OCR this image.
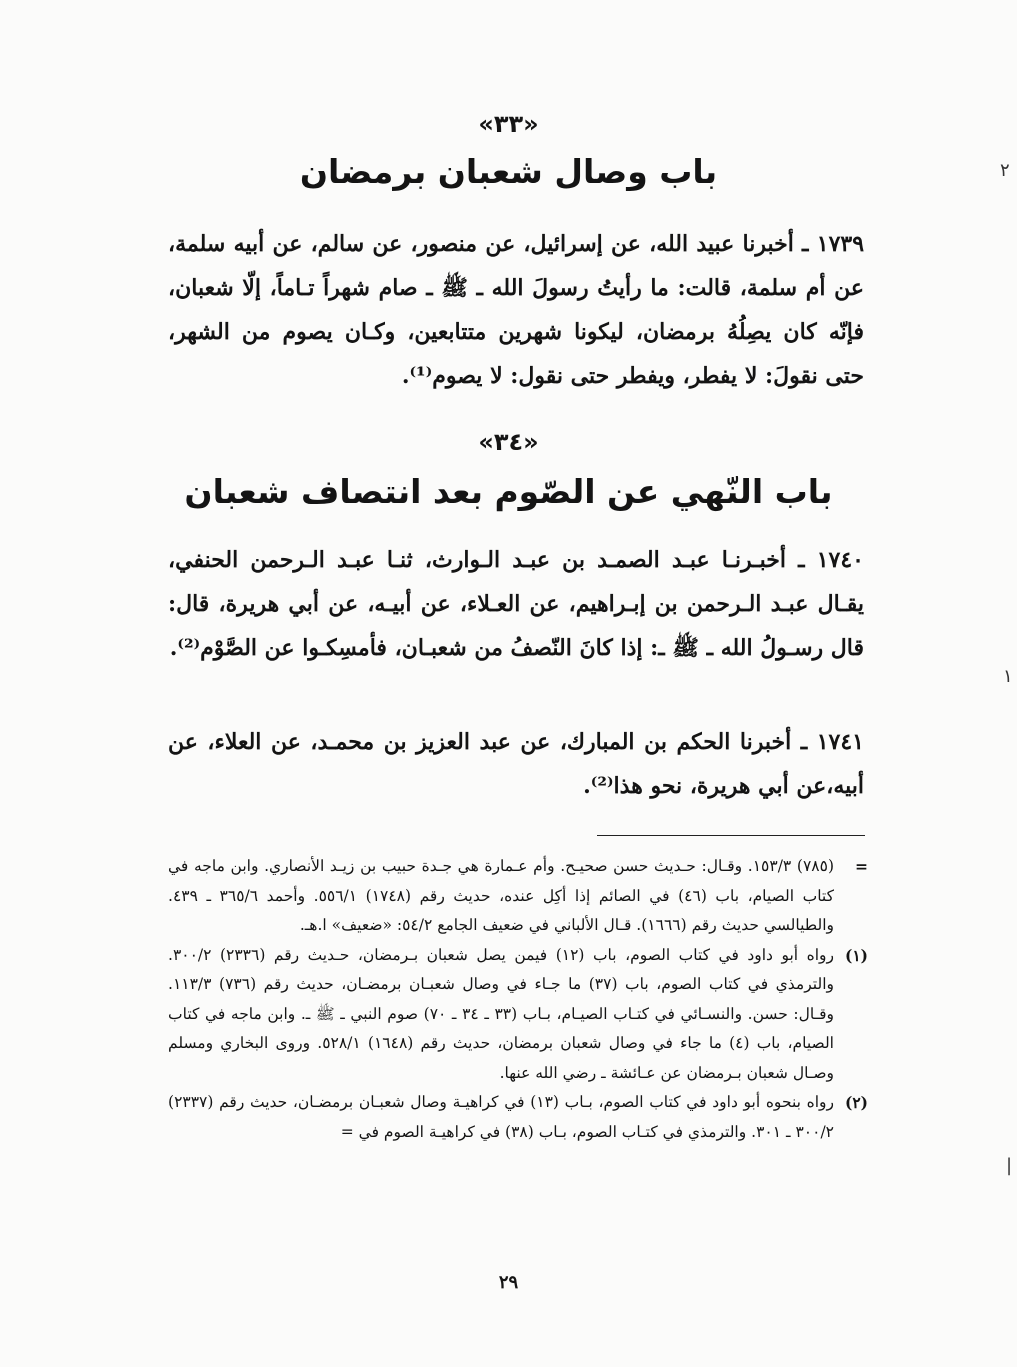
«٣٣»
باب وصال شعبان برمضان
١٧٣٩ ـ أخبرنا عبيد الله، عن إسرائيل، عن منصور، عن سالم، عن أبيه سلمة، عن أم سلمة، قالت: ما رأيتُ رسولَ الله ـ ﷺ ـ صام شهراً تـاماً، إلّا شعبان، فإنّه كان يصِلُهُ برمضان، ليكونا شهرين متتابعين، وكـان يصوم من الشهر، حتى نقولَ: لا يفطر، ويفطر حتى نقول: لا يصوم⁽¹⁾.
«٣٤»
باب النّهي عن الصّوم بعد انتصاف شعبان
١٧٤٠ ـ أخبـرنـا عبـد الصمـد بن عبـد الـوارث، ثنـا عبـد الـرحمن الحنفي، يقـال عبـد الـرحمن بن إبـراهيم، عن العـلاء، عن أبيـه، عن أبي هريرة، قال: قال رسـولُ الله ـ ﷺ ـ: إذا كانَ النّصفُ من شعبـان، فأمسِكـوا عن الصَّوْم⁽²⁾.
١٧٤١ ـ أخبرنا الحكم بن المبارك، عن عبد العزيز بن محمـد، عن العلاء، عن أبيه،عن أبي هريرة، نحو هذا⁽²⁾.
=
(٧٨٥) ١٥٣/٣. وقـال: حـديث حسن صحيـح. وأم عـمارة هي جـدة حبيب بن زيـد الأنصاري. وابن ماجه في كتاب الصيام، باب (٤٦) في الصائم إذا أكِل عنده، حديث رقم (١٧٤٨) ٥٥٦/١. وأحمد ٣٦٥/٦ ـ ٤٣٩. والطيالسي حديث رقم (١٦٦٦). قـال الألباني في ضعيف الجامع ٥٤/٢: «ضعيف» ا.هـ.
(١)
رواه أبو داود في كتاب الصوم، باب (١٢) فيمن يصل شعبان بـرمضان، حـديث رقم (٢٣٣٦) ٣٠٠/٢. والترمذي في كتاب الصوم، باب (٣٧) ما جـاء في وصال شعبـان برمضـان، حديث رقم (٧٣٦) ١١٣/٣. وقـال: حسن. والنسـائي في كتـاب الصيـام، بـاب (٣٣ ـ ٣٤ ـ ٧٠) صوم النبي ـ ﷺ ـ. وابن ماجه في كتاب الصيام، باب (٤) ما جاء في وصال شعبان برمضان، حديث رقم (١٦٤٨) ٥٢٨/١. وروى البخاري ومسلم وصـال شعبان بـرمضان عن عـائشة ـ رضي الله عنها.
(٢)
رواه بنحوه أبو داود في كتاب الصوم، بـاب (١٣) في كراهيـة وصال شعبـان برمضـان، حديث رقم (٢٣٣٧) ٣٠٠/٢ ـ ٣٠١. والترمذي في كتـاب الصوم، بـاب (٣٨) في كراهيـة الصوم في =
٢٩
٢
١
|
